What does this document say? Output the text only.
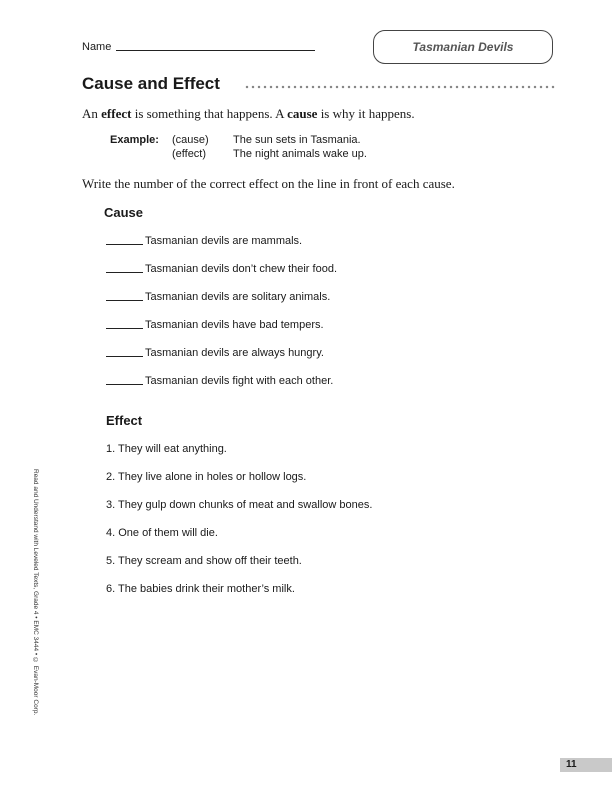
Name	Tasmanian Devils
Cause and Effect
An effect is something that happens. A cause is why it happens.
Example: (cause) The sun sets in Tasmania.
(effect) The night animals wake up.
Write the number of the correct effect on the line in front of each cause.
Cause
Tasmanian devils are mammals.
Tasmanian devils don’t chew their food.
Tasmanian devils are solitary animals.
Tasmanian devils have bad tempers.
Tasmanian devils are always hungry.
Tasmanian devils fight with each other.
Effect
1. They will eat anything.
2. They live alone in holes or hollow logs.
3. They gulp down chunks of meat and swallow bones.
4. One of them will die.
5. They scream and show off their teeth.
6. The babies drink their mother’s milk.
Read and Understand with Leveled Texts, Grade 4 • EMC 3444 • © Evan-Moor Corp.
11
